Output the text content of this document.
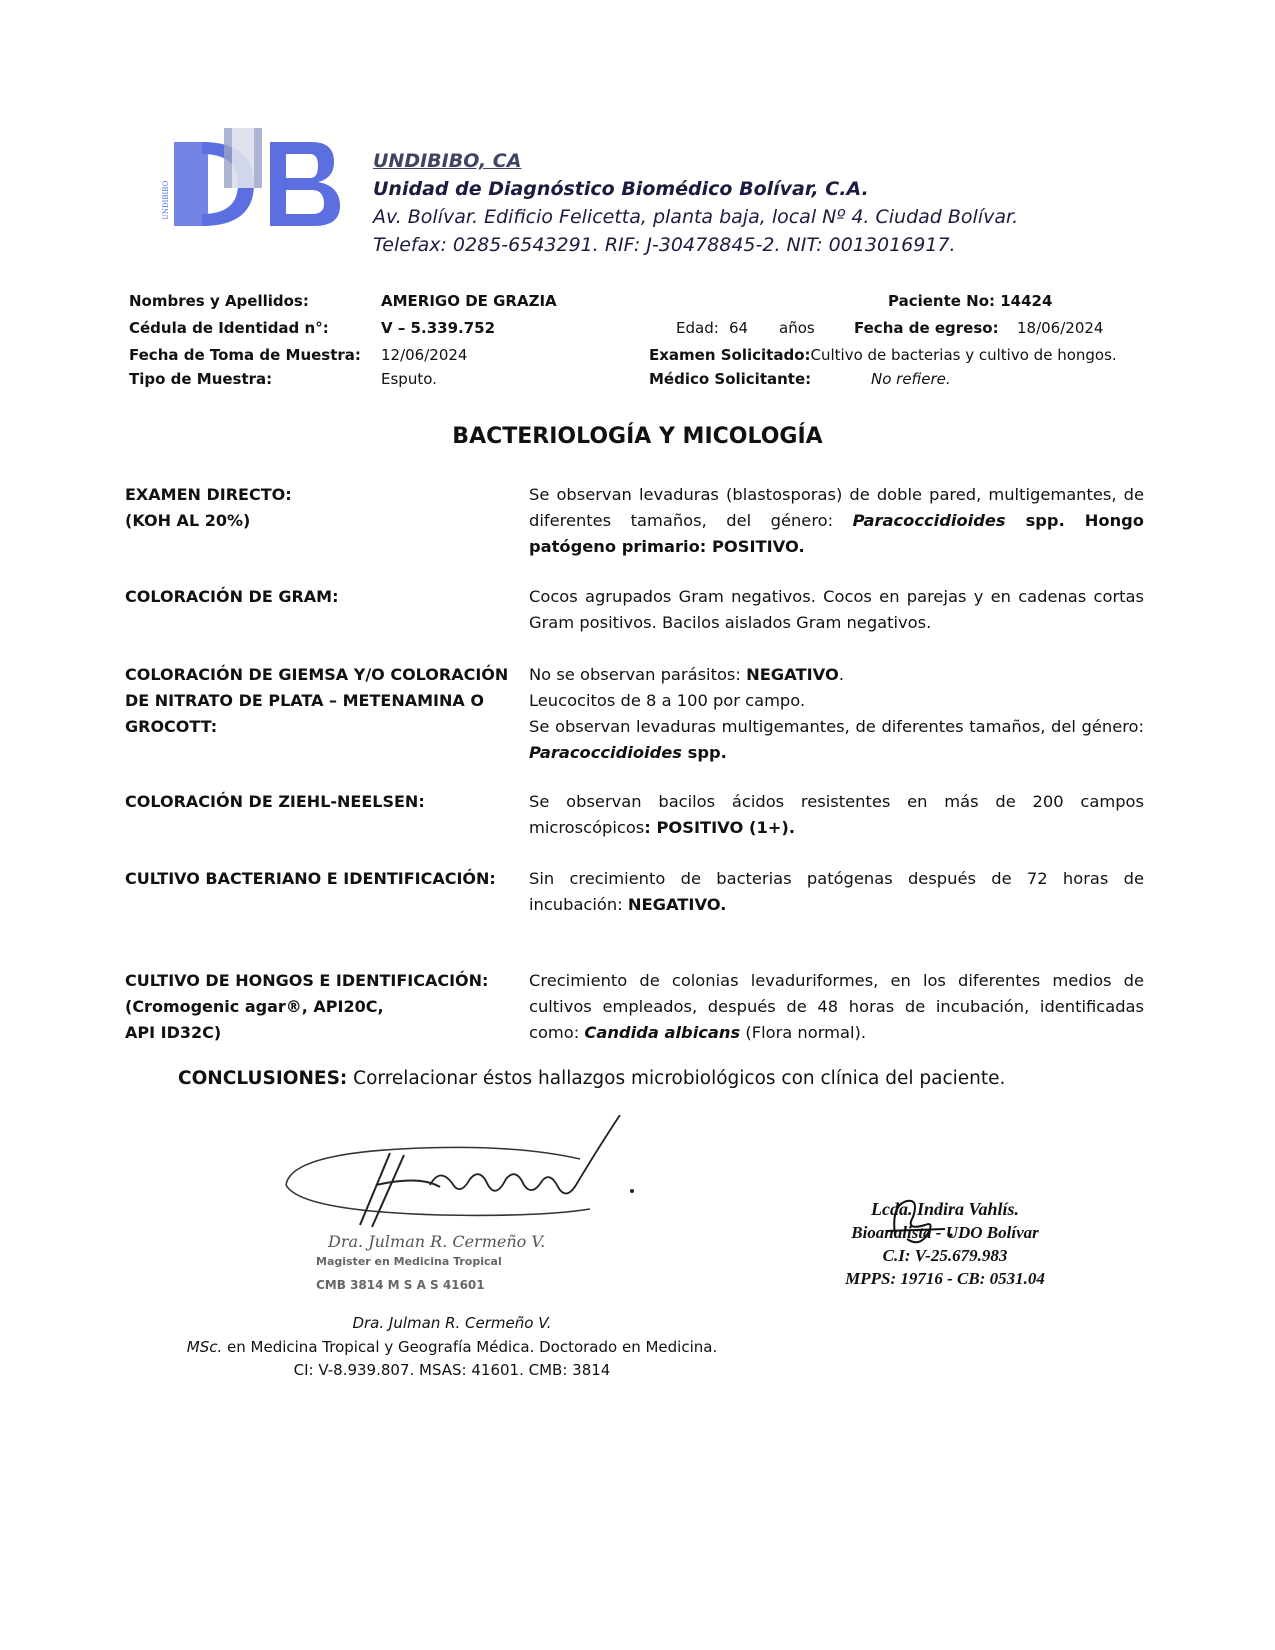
UNDIBIBO
UNDIBIBO, CA
Unidad de Diagnóstico Biomédico Bolívar, C.A.
Av. Bolívar. Edificio Felicetta, planta baja, local Nº 4. Ciudad Bolívar.
Telefax: 0285-6543291. RIF: J-30478845-2. NIT: 0013016917.
Nombres y Apellidos:	AMERIGO DE GRAZIA	Paciente No: 14424
Cédula de Identidad n°:	V – 5.339.752	Edad: 64 años	Fecha de egreso: 18/06/2024
Fecha de Toma de Muestra: 12/06/2024	Examen Solicitado:Cultivo de bacterias y cultivo de hongos.
Tipo de Muestra:	Esputo.	Médico Solicitante:	No refiere.
BACTERIOLOGÍA Y MICOLOGÍA
EXAMEN DIRECTO:
(KOH AL 20%)

Se observan levaduras (blastosporas) de doble pared, multigemantes, de diferentes tamaños, del género: Paracoccidioides spp. Hongo patógeno primario: POSITIVO.

COLORACIÓN DE GRAM:	Cocos agrupados Gram negativos. Cocos en parejas y en cadenas cortas Gram positivos. Bacilos aislados Gram negativos.

COLORACIÓN DE GIEMSA Y/O COLORACIÓN DE NITRATO DE PLATA – METENAMINA O GROCOTT:

No se observan parásitos: NEGATIVO.

Leucocitos de 8 a 100 por campo.

Se observan levaduras multigemantes, de diferentes tamaños, del género: Paracoccidioides spp.

COLORACIÓN DE ZIEHL-NEELSEN:	Se observan bacilos ácidos resistentes en más de 200 campos microscópicos: POSITIVO (1+).

CULTIVO BACTERIANO E IDENTIFICACIÓN:	Sin crecimiento de bacterias patógenas después de 72 horas de incubación: NEGATIVO.

CULTIVO DE HONGOS E IDENTIFICACIÓN:
(Cromogenic agar®, API20C,
API ID32C)

Crecimiento de colonias levaduriformes, en los diferentes medios de cultivos empleados, después de 48 horas de incubación, identificadas como: Candida albicans (Flora normal).

CONCLUSIONES: Correlacionar éstos hallazgos microbiológicos con clínica del paciente.
Dra. Julman R. Cermeño V.
Magister en Medicina Tropical
CMB 3814 M S A S 41601
Lcda. Indira Vahlís.
Bioanalista - UDO Bolívar
C.I: V-25.679.983
MPPS: 19716 - CB: 0531.04
Dra. Julman R. Cermeño V.
MSc. en Medicina Tropical y Geografía Médica. Doctorado en Medicina.
CI: V-8.939.807. MSAS: 41601. CMB: 3814
